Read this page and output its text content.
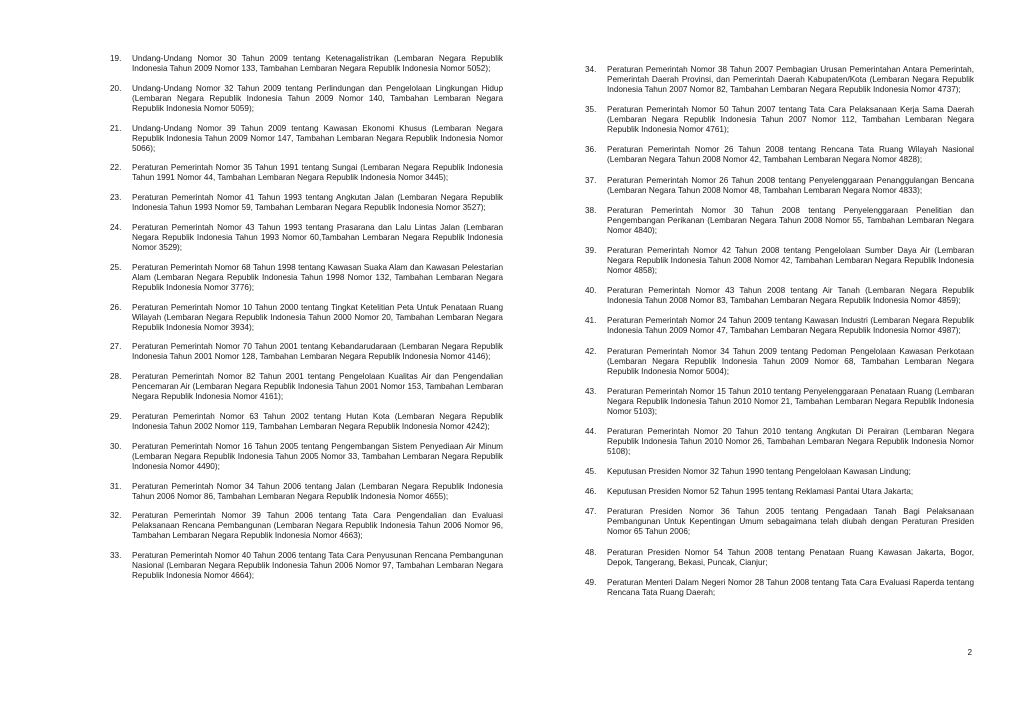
19.	Undang-Undang Nomor 30 Tahun 2009 tentang Ketenagalistrikan (Lembaran Negara Republik Indonesia Tahun 2009 Nomor 133, Tambahan Lembaran Negara Republik Indonesia Nomor 5052);
20.	Undang-Undang Nomor 32 Tahun 2009 tentang Perlindungan dan Pengelolaan Lingkungan Hidup (Lembaran Negara Republik Indonesia Tahun 2009 Nomor 140, Tambahan Lembaran Negara Republik Indonesia Nomor 5059);
21.	Undang-Undang Nomor 39 Tahun 2009 tentang Kawasan Ekonomi Khusus (Lembaran Negara Republik Indonesia Tahun 2009 Nomor 147, Tambahan Lembaran Negara Republik Indonesia Nomor 5066);
22.	Peraturan Pemerintah Nomor 35 Tahun 1991 tentang Sungai (Lembaran Negara Republik Indonesia Tahun 1991 Nomor 44, Tambahan Lembaran Negara Republik Indonesia Nomor 3445);
23.	Peraturan Pemerintah Nomor 41 Tahun 1993 tentang Angkutan Jalan (Lembaran Negara Republik Indonesia Tahun 1993 Nomor 59, Tambahan Lembaran Negara Republik Indonesia Nomor 3527);
24.	Peraturan Pemerintah Nomor 43 Tahun 1993 tentang Prasarana dan Lalu Lintas Jalan (Lembaran Negara Republik Indonesia Tahun 1993 Nomor 60,Tambahan Lembaran Negara Republik Indonesia Nomor 3529);
25.	Peraturan Pemerintah Nomor 68 Tahun 1998 tentang Kawasan Suaka Alam dan Kawasan Pelestarian Alam (Lembaran Negara Republik Indonesia Tahun 1998 Nomor 132, Tambahan Lembaran Negara Republik Indonesia Nomor 3776);
26.	Peraturan Pemerintah Nomor 10 Tahun 2000 tentang Tingkat Ketelitian Peta Untuk Penataan Ruang Wilayah (Lembaran Negara Republik Indonesia Tahun 2000 Nomor 20, Tambahan Lembaran Negara Republik Indonesia Nomor 3934);
27.	Peraturan Pemerintah Nomor 70 Tahun 2001 tentang Kebandarudaraan (Lembaran Negara Republik Indonesia Tahun 2001 Nomor 128, Tambahan Lembaran Negara Republik Indonesia Nomor 4146);
28.	Peraturan Pemerintah Nomor 82 Tahun 2001 tentang Pengelolaan Kualitas Air dan Pengendalian Pencemaran Air (Lembaran Negara Republik Indonesia Tahun 2001 Nomor 153, Tambahan Lembaran Negara Republik Indonesia Nomor 4161);
29.	Peraturan Pemerintah Nomor 63 Tahun 2002 tentang Hutan Kota (Lembaran Negara Republik Indonesia Tahun 2002 Nomor 119, Tambahan Lembaran Negara Republik Indonesia Nomor 4242);
30.	Peraturan Pemerintah Nomor 16 Tahun 2005 tentang Pengembangan Sistem Penyediaan Air Minum (Lembaran Negara Republik Indonesia Tahun 2005 Nomor 33, Tambahan Lembaran Negara Republik Indonesia Nomor 4490);
31.	Peraturan Pemerintah Nomor 34 Tahun 2006 tentang Jalan (Lembaran Negara Republik Indonesia Tahun 2006 Nomor 86, Tambahan Lembaran Negara Republik Indonesia Nomor 4655);
32.	Peraturan Pemerintah Nomor 39 Tahun 2006 tentang Tata Cara Pengendalian dan Evaluasi Pelaksanaan Rencana Pembangunan (Lembaran Negara Republik Indonesia Tahun 2006 Nomor 96, Tambahan Lembaran Negara Republik Indonesia Nomor 4663);
33.	Peraturan Pemerintah Nomor 40 Tahun 2006 tentang Tata Cara Penyusunan Rencana Pembangunan Nasional (Lembaran Negara Republik Indonesia Tahun 2006 Nomor 97, Tambahan Lembaran Negara Republik Indonesia Nomor 4664);
34.	Peraturan Pemerintah Nomor 38 Tahun 2007 Pembagian Urusan Pemerintahan Antara Pemerintah, Pemerintah Daerah Provinsi, dan Pemerintah Daerah Kabupaten/Kota (Lembaran Negara Republik Indonesia Tahun 2007 Nomor 82, Tambahan Lembaran Negara Republik Indonesia Nomor 4737);
35.	Peraturan Pemerintah Nomor 50 Tahun 2007 tentang Tata Cara Pelaksanaan Kerja Sama Daerah (Lembaran Negara Republik Indonesia Tahun 2007 Nomor 112, Tambahan Lembaran Negara Republik Indonesia Nomor 4761);
36.	Peraturan Pemerintah Nomor 26 Tahun 2008 tentang Rencana Tata Ruang Wilayah Nasional (Lembaran Negara Tahun 2008 Nomor 42, Tambahan Lembaran Negara Nomor 4828);
37.	Peraturan Pemerintah Nomor 26 Tahun 2008 tentang Penyelenggaraan Penanggulangan Bencana (Lembaran Negara Tahun 2008 Nomor 48, Tambahan Lembaran Negara Nomor 4833);
38.	Peraturan Pemerintah Nomor 30 Tahun 2008 tentang Penyelenggaraan Penelitian dan Pengembangan Perikanan (Lembaran Negara Tahun 2008 Nomor 55, Tambahan Lembaran Negara Nomor 4840);
39.	Peraturan Pemerintah Nomor 42 Tahun 2008 tentang Pengelolaan Sumber Daya Air (Lembaran Negara Republik Indonesia Tahun 2008 Nomor 42, Tambahan Lembaran Negara Republik Indonesia Nomor 4858);
40.	Peraturan Pemerintah Nomor 43 Tahun 2008 tentang Air Tanah (Lembaran Negara Republik Indonesia Tahun 2008 Nomor 83, Tambahan Lembaran Negara Republik Indonesia Nomor 4859);
41.	Peraturan Pemerintah Nomor 24 Tahun 2009 tentang Kawasan Industri (Lembaran Negara Republik Indonesia Tahun 2009 Nomor 47, Tambahan Lembaran Negara Republik Indonesia Nomor 4987);
42.	Peraturan Pemerintah Nomor 34 Tahun 2009 tentang Pedoman Pengelolaan Kawasan Perkotaan (Lembaran Negara Republik Indonesia Tahun 2009 Nomor 68, Tambahan Lembaran Negara Republik Indonesia Nomor 5004);
43.	Peraturan Pemerintah Nomor 15 Tahun 2010 tentang Penyelenggaraan Penataan Ruang (Lembaran Negara Republik Indonesia Tahun 2010 Nomor 21, Tambahan Lembaran Negara Republik Indonesia Nomor 5103);
44.	Peraturan Pemerintah Nomor 20 Tahun 2010 tentang Angkutan Di Perairan (Lembaran Negara Republik Indonesia Tahun 2010 Nomor 26, Tambahan Lembaran Negara Republik Indonesia Nomor 5108);
45.	Keputusan Presiden Nomor 32 Tahun 1990 tentang Pengelolaan Kawasan Lindung;
46.	Keputusan Presiden Nomor 52 Tahun 1995 tentang Reklamasi Pantai Utara Jakarta;
47.	Peraturan Presiden Nomor 36 Tahun 2005 tentang Pengadaan Tanah Bagi Pelaksanaan Pembangunan Untuk Kepentingan Umum sebagaimana telah diubah dengan Peraturan Presiden Nomor 65 Tahun 2006;
48.	Peraturan Presiden Nomor 54 Tahun 2008 tentang Penataan Ruang Kawasan Jakarta, Bogor, Depok, Tangerang, Bekasi, Puncak, Cianjur;
49.	Peraturan Menteri Dalam Negeri Nomor 28 Tahun 2008 tentang Tata Cara Evaluasi Raperda tentang Rencana Tata Ruang Daerah;
2
